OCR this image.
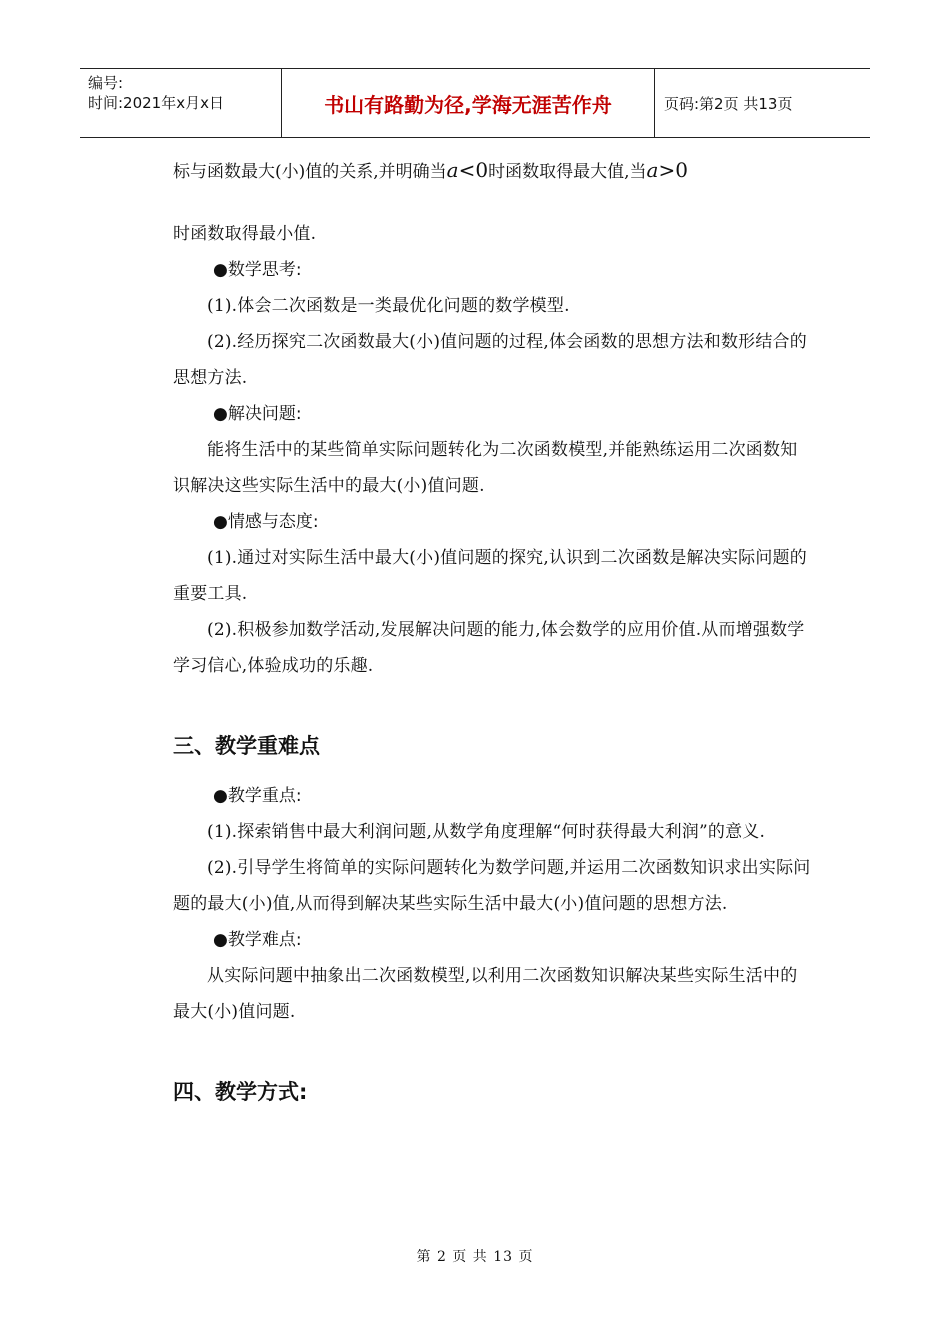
编号:
时间:2021年x月x日	书山有路勤为径,学海无涯苦作舟	页码:第2页 共13页

标与函数最大(小)值的关系,并明确当a<0时函数取得最大值,当a>0

时函数取得最小值.

●数学思考:

(1).体会二次函数是一类最优化问题的数学模型.

(2).经历探究二次函数最大(小)值问题的过程,体会函数的思想方法和数形结合的思想方法.

●解决问题:

能将生活中的某些简单实际问题转化为二次函数模型,并能熟练运用二次函数知识解决这些实际生活中的最大(小)值问题.

●情感与态度:

(1).通过对实际生活中最大(小)值问题的探究,认识到二次函数是解决实际问题的重要工具.

(2).积极参加数学活动,发展解决问题的能力,体会数学的应用价值.从而增强数学学习信心,体验成功的乐趣.

三、教学重难点

●教学重点:

(1).探索销售中最大利润问题,从数学角度理解“何时获得最大利润”的意义.

(2).引导学生将简单的实际问题转化为数学问题,并运用二次函数知识求出实际问题的最大(小)值,从而得到解决某些实际生活中最大(小)值问题的思想方法.

●教学难点:

从实际问题中抽象出二次函数模型,以利用二次函数知识解决某些实际生活中的最大(小)值问题.

四、教学方式:

第 2 页 共 13 页
